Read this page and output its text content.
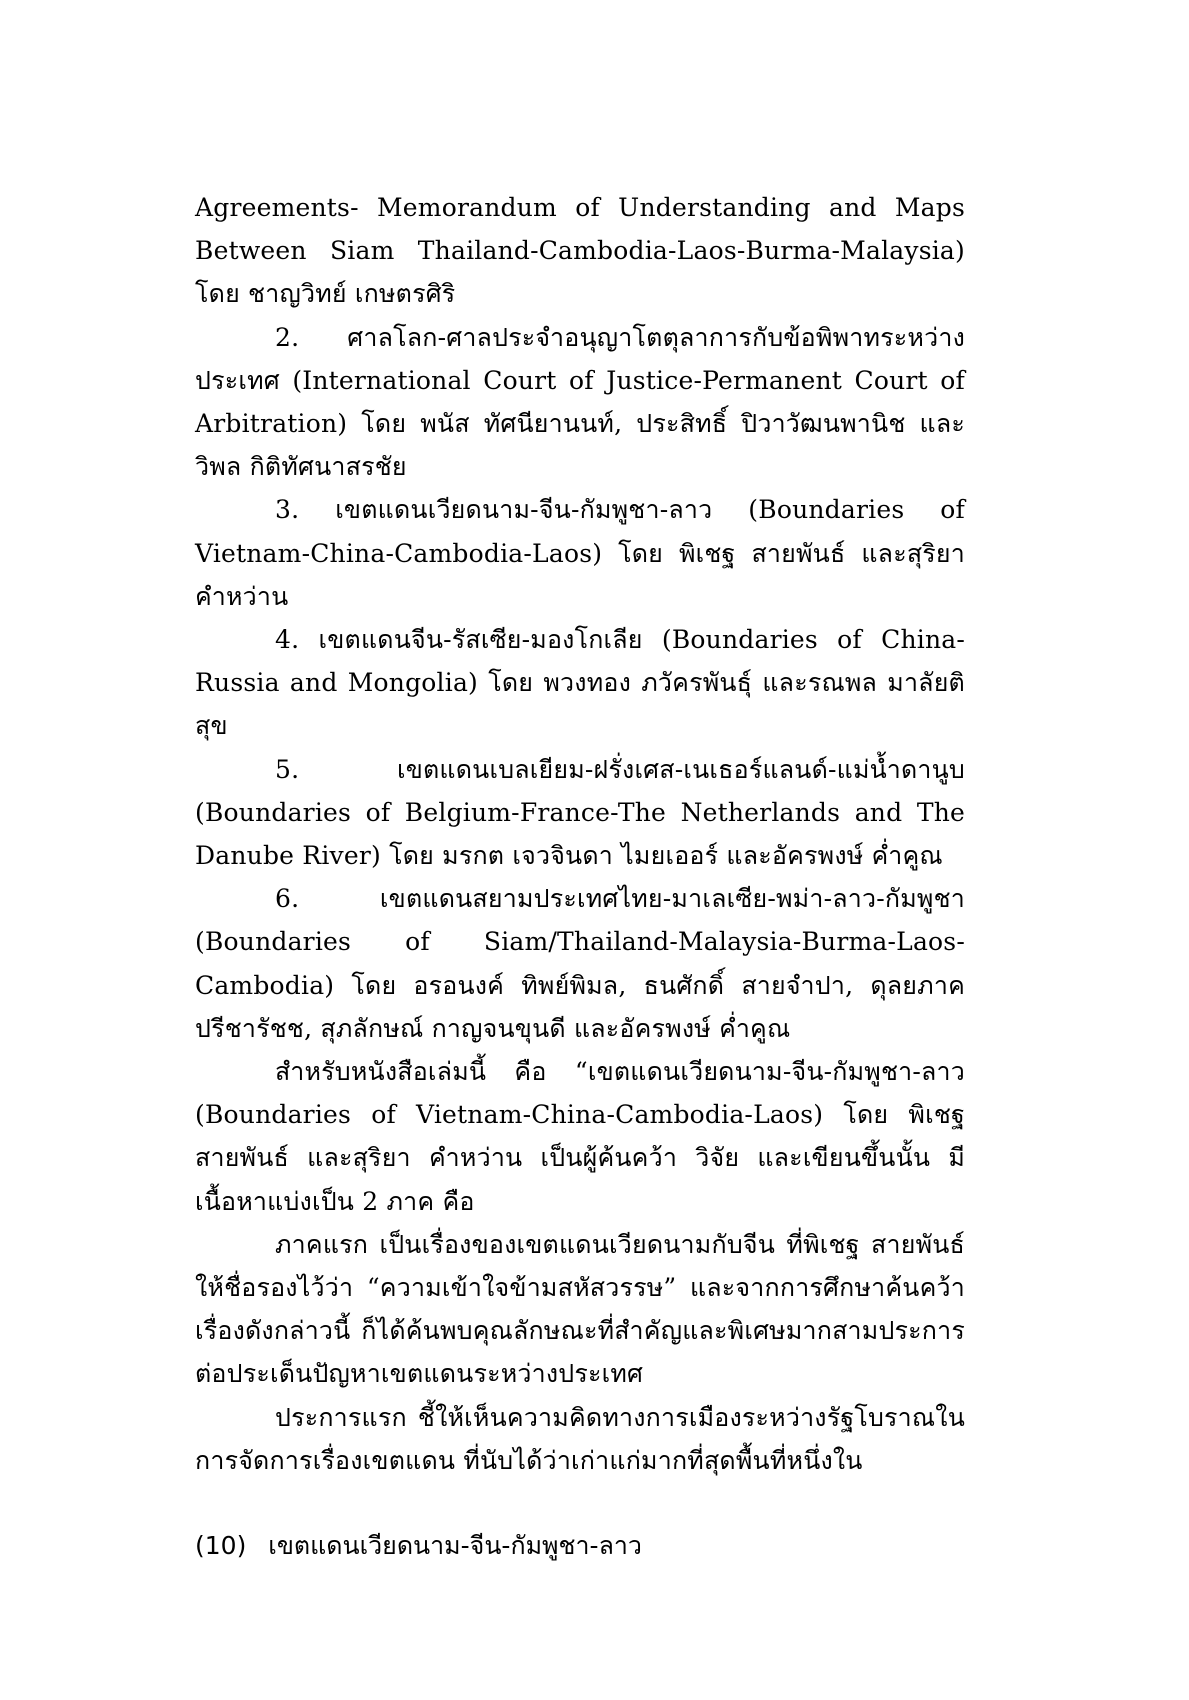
Agreements- Memorandum of Understanding and Maps Between Siam Thailand-Cambodia-Laos-Burma-Malaysia) โดย ชาญวิทย์ เกษตรศิริ

2. ศาลโลก-ศาลประจำอนุญาโตตุลาการกับข้อพิพาทระหว่างประเทศ (International Court of Justice-Permanent Court of Arbitration) โดย พนัส ทัศนียานนท์, ประสิทธิ์ ปิวาวัฒนพานิช และ วิพล กิติทัศนาสรชัย

3. เขตแดนเวียดนาม-จีน-กัมพูชา-ลาว (Boundaries of Vietnam-China-Cambodia-Laos) โดย พิเชฐ สายพันธ์ และสุริยา คำหว่าน

4. เขตแดนจีน-รัสเซีย-มองโกเลีย (Boundaries of China-Russia and Mongolia) โดย พวงทอง ภวัครพันธุ์ และรณพล มาลัยติสุข

5. เขตแดนเบลเยียม-ฝรั่งเศส-เนเธอร์แลนด์-แม่น้ำดานูบ (Boundaries of Belgium-France-The Netherlands and The Danube River) โดย มรกต เจวจินดา ไมยเออร์ และอัครพงษ์ ค่ำคูณ

6. เขตแดนสยามประเทศไทย-มาเลเซีย-พม่า-ลาว-กัมพูชา (Boundaries of Siam/Thailand-Malaysia-Burma-Laos-Cambodia) โดย อรอนงค์ ทิพย์พิมล, ธนศักดิ์ สายจำปา, ดุลยภาค ปรีชารัชช, สุภลักษณ์ กาญจนขุนดี และอัครพงษ์ ค่ำคูณ

สำหรับหนังสือเล่มนี้ คือ “เขตแดนเวียดนาม-จีน-กัมพูชา-ลาว (Boundaries of Vietnam-China-Cambodia-Laos) โดย พิเชฐ สายพันธ์ และสุริยา คำหว่าน เป็นผู้ค้นคว้า วิจัย และเขียนขึ้นนั้น มีเนื้อหาแบ่งเป็น 2 ภาค คือ

ภาคแรก เป็นเรื่องของเขตแดนเวียดนามกับจีน ที่พิเชฐ สายพันธ์ ให้ชื่อรองไว้ว่า “ความเข้าใจข้ามสหัสวรรษ” และจากการศึกษาค้นคว้าเรื่องดังกล่าวนี้ ก็ได้ค้นพบคุณลักษณะที่สำคัญและพิเศษมากสามประการต่อประเด็นปัญหาเขตแดนระหว่างประเทศ

ประการแรก ชี้ให้เห็นความคิดทางการเมืองระหว่างรัฐโบราณในการจัดการเรื่องเขตแดน ที่นับได้ว่าเก่าแก่มากที่สุดพื้นที่หนึ่งใน

(10) เขตแดนเวียดนาม-จีน-กัมพูชา-ลาว
